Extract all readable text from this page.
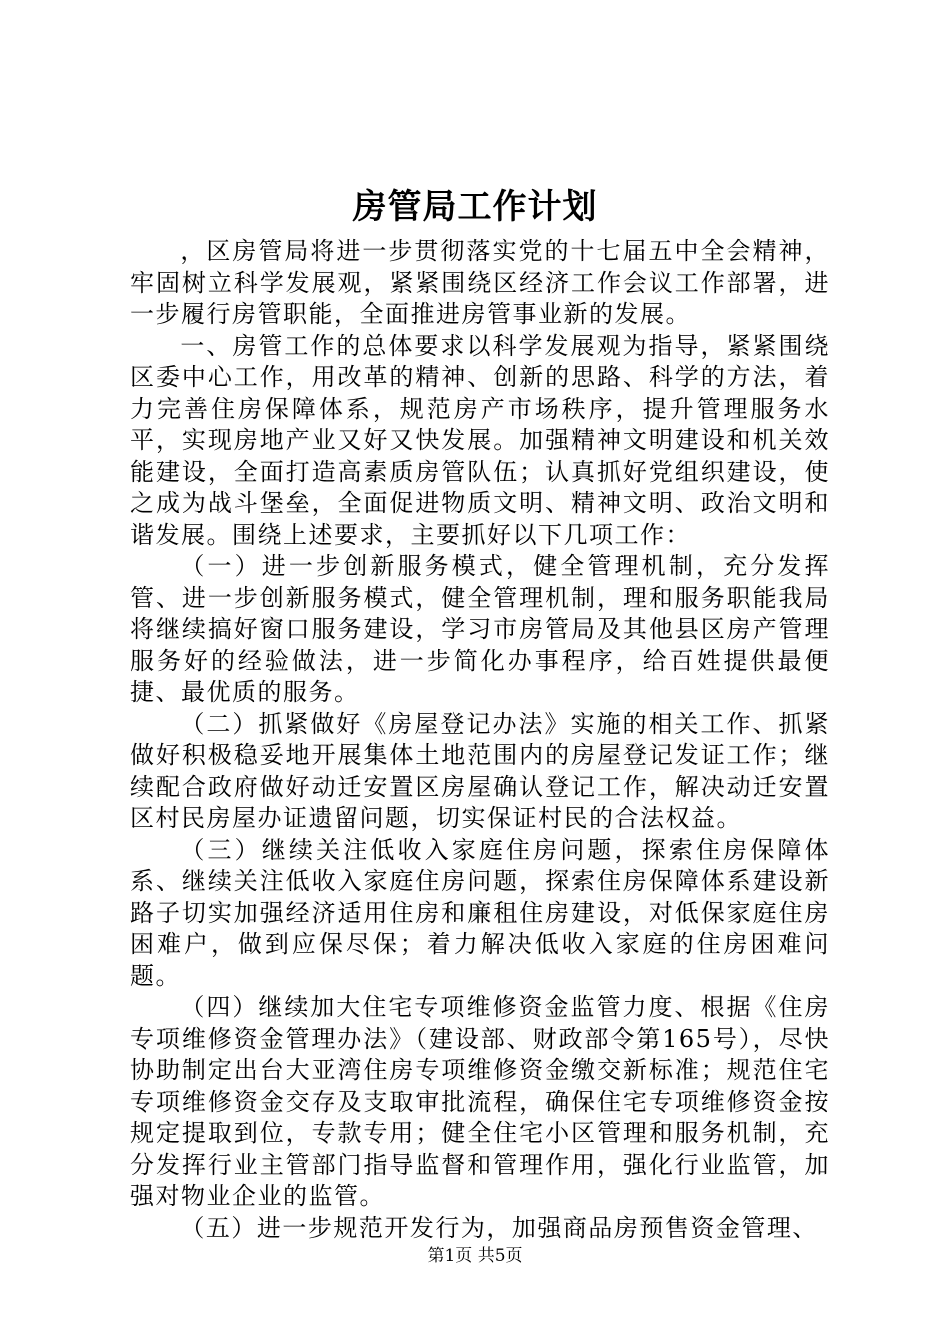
房管局工作计划

，区房管局将进一步贯彻落实党的十七届五中全会精神，牢固树立科学发展观，紧紧围绕区经济工作会议工作部署，进一步履行房管职能，全面推进房管事业新的发展。

一、房管工作的总体要求以科学发展观为指导，紧紧围绕区委中心工作，用改革的精神、创新的思路、科学的方法，着力完善住房保障体系，规范房产市场秩序，提升管理服务水平，实现房地产业又好又快发展。加强精神文明建设和机关效能建设，全面打造高素质房管队伍；认真抓好党组织建设，使之成为战斗堡垒，全面促进物质文明、精神文明、政治文明和谐发展。围绕上述要求，主要抓好以下几项工作：

（一）进一步创新服务模式，健全管理机制，充分发挥管、进一步创新服务模式，健全管理机制，理和服务职能我局将继续搞好窗口服务建设，学习市房管局及其他县区房产管理服务好的经验做法，进一步简化办事程序，给百姓提供最便捷、最优质的服务。

（二）抓紧做好《房屋登记办法》实施的相关工作、抓紧做好积极稳妥地开展集体土地范围内的房屋登记发证工作；继续配合政府做好动迁安置区房屋确认登记工作，解决动迁安置区村民房屋办证遗留问题，切实保证村民的合法权益。

（三）继续关注低收入家庭住房问题，探索住房保障体系、继续关注低收入家庭住房问题，探索住房保障体系建设新路子切实加强经济适用住房和廉租住房建设，对低保家庭住房困难户，做到应保尽保；着力解决低收入家庭的住房困难问题。

（四）继续加大住宅专项维修资金监管力度、根据《住房专项维修资金管理办法》（建设部、财政部令第165号），尽快协助制定出台大亚湾住房专项维修资金缴交新标准；规范住宅专项维修资金交存及支取审批流程，确保住宅专项维修资金按规定提取到位，专款专用；健全住宅小区管理和服务机制，充分发挥行业主管部门指导监督和管理作用，强化行业监管，加强对物业企业的监管。

（五）进一步规范开发行为，加强商品房预售资金管理、

第1页 共5页
